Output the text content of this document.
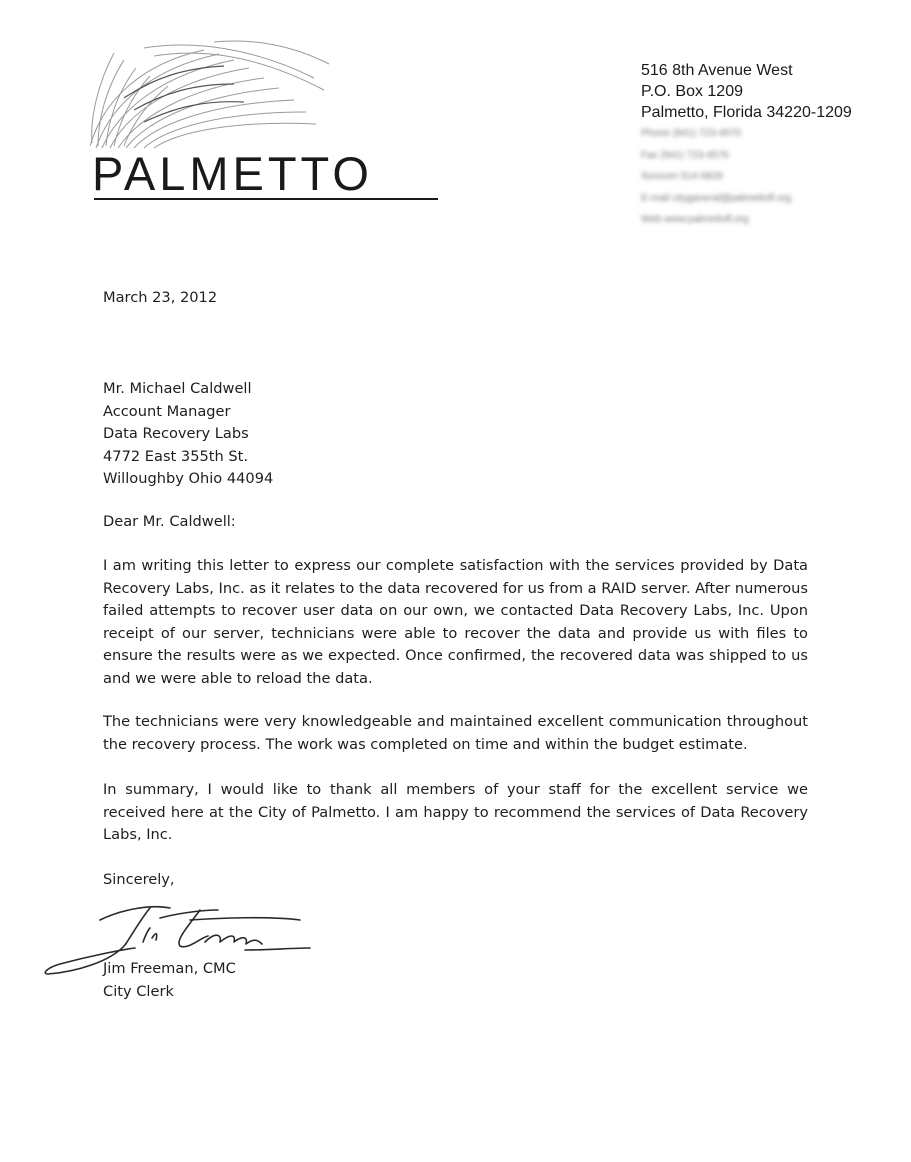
PALMETTO
516 8th Avenue West
P.O. Box 1209
Palmetto, Florida 34220-1209
Phone (941) 723-4570
Fax (941) 723-4576
Suncom 514-0829
E-mail cityganeral@palmettofl.org
Web www.palmettofl.org
March 23, 2012
Mr. Michael Caldwell
Account Manager
Data Recovery Labs
4772 East 355th St.
Willoughby Ohio 44094
Dear Mr. Caldwell:
I am writing this letter to express our complete satisfaction with the services provided by Data Recovery Labs, Inc. as it relates to the data recovered for us from a RAID server. After numerous failed attempts to recover user data on our own, we contacted Data Recovery Labs, Inc. Upon receipt of our server, technicians were able to recover the data and provide us with files to ensure the results were as we expected. Once confirmed, the recovered data was shipped to us and we were able to reload the data.
The technicians were very knowledgeable and maintained excellent communication throughout the recovery process. The work was completed on time and within the budget estimate.
In summary, I would like to thank all members of your staff for the excellent service we received here at the City of Palmetto. I am happy to recommend the services of Data Recovery Labs, Inc.
Sincerely,
Jim Freeman, CMC
City Clerk
